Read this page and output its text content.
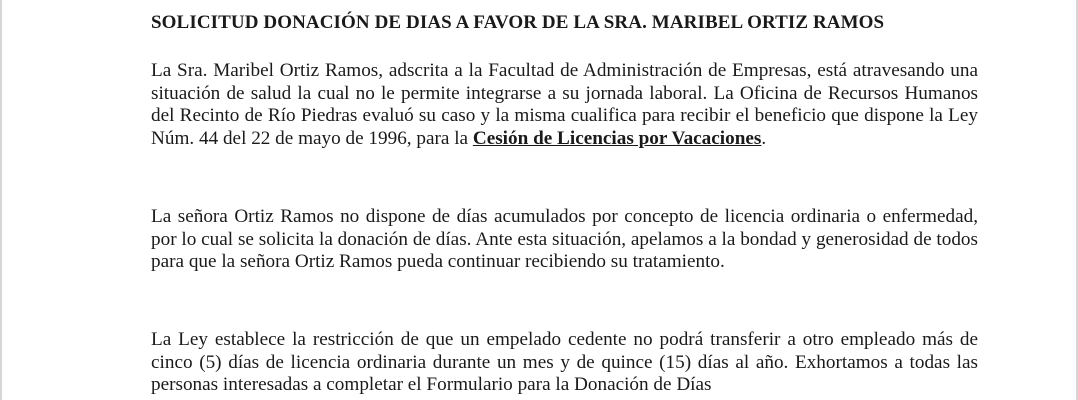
SOLICITUD DONACIÓN DE DIAS A FAVOR DE LA SRA. MARIBEL ORTIZ RAMOS

La Sra. Maribel Ortiz Ramos, adscrita a la Facultad de Administración de Empresas, está atravesando una situación de salud la cual no le permite integrarse a su jornada laboral. La Oficina de Recursos Humanos del Recinto de Río Piedras evaluó su caso y la misma cualifica para recibir el beneficio que dispone la Ley Núm. 44 del 22 de mayo de 1996, para la Cesión de Licencias por Vacaciones.

La señora Ortiz Ramos no dispone de días acumulados por concepto de licencia ordinaria o enfermedad, por lo cual se solicita la donación de días. Ante esta situación, apelamos a la bondad y generosidad de todos para que la señora Ortiz Ramos pueda continuar recibiendo su tratamiento.

La Ley establece la restricción de que un empelado cedente no podrá transferir a otro empleado más de cinco (5) días de licencia ordinaria durante un mes y de quince (15) días al año. Exhortamos a todas las personas interesadas a completar el Formulario para la Donación de Días
